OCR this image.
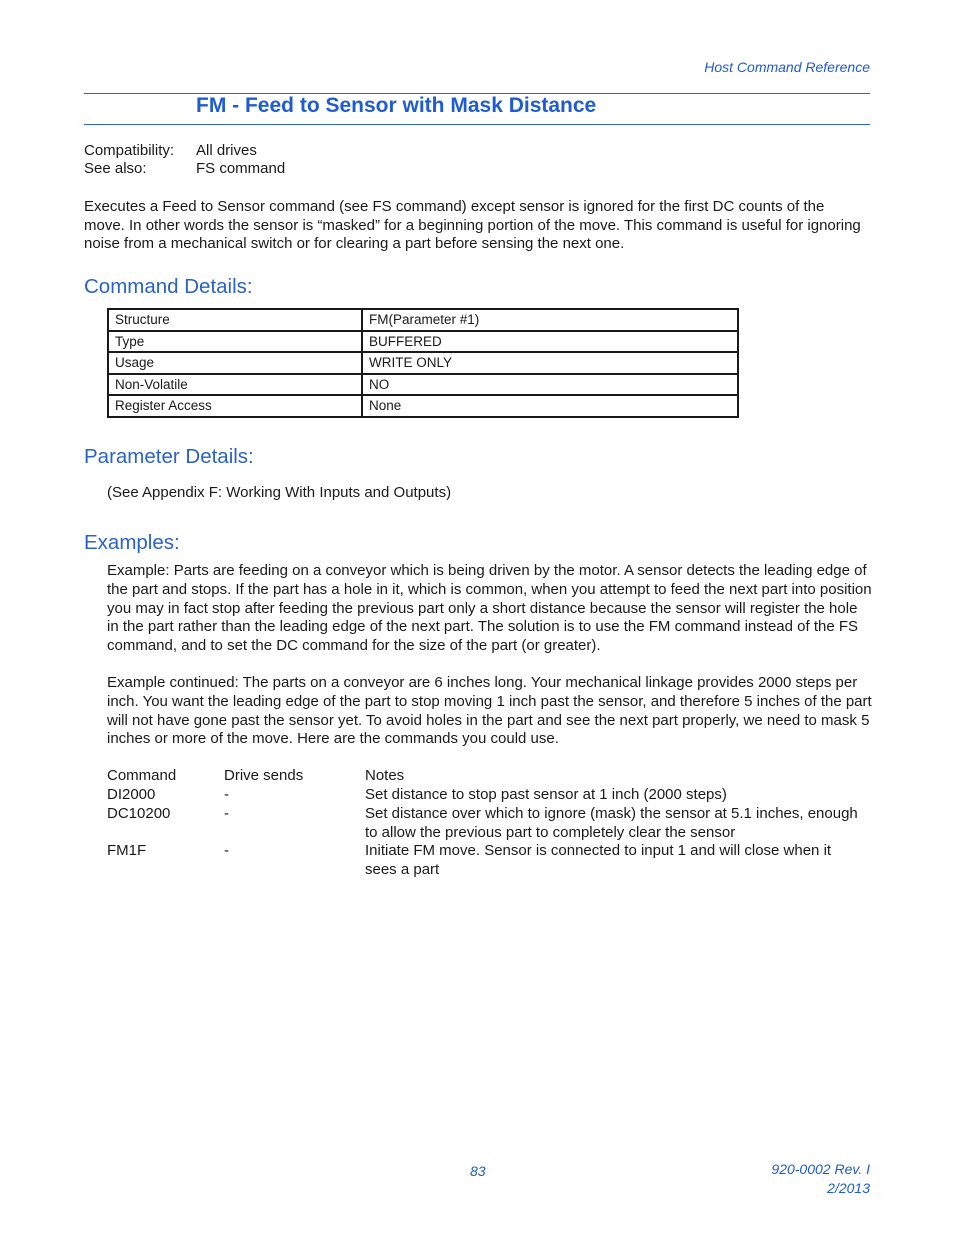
Host Command Reference
FM - Feed to Sensor with Mask Distance
Compatibility: All drives
See also:	FS command
Executes a Feed to Sensor command (see FS command) except sensor is ignored for the first DC counts of the move. In other words the sensor is “masked” for a beginning portion of the move. This command is useful for ignoring noise from a mechanical switch or for clearing a part before sensing the next one.
Command Details:
Structure	FM(Parameter #1)
Type	BUFFERED
Usage	WRITE ONLY
Non-Volatile	NO
Register Access	None
Parameter Details:
(See Appendix F: Working With Inputs and Outputs)
Examples:

Example: Parts are feeding on a conveyor which is being driven by the motor. A sensor detects the leading edge of the part and stops. If the part has a hole in it, which is common, when you attempt to feed the next part into position you may in fact stop after feeding the previous part only a short distance because the sensor will register the hole in the part rather than the leading edge of the next part. The solution is to use the FM command instead of the FS command, and to set the DC command for the size of the part (or greater).

Example continued: The parts on a conveyor are 6 inches long. Your mechanical linkage provides 2000 steps per inch. You want the leading edge of the part to stop moving 1 inch past the sensor, and therefore 5 inches of the part will not have gone past the sensor yet. To avoid holes in the part and see the next part properly, we need to mask 5 inches or more of the move. Here are the commands you could use.

Command	Drive sends	Notes
DI2000	-	Set distance to stop past sensor at 1 inch (2000 steps)
DC10200	-	Set distance over which to ignore (mask) the sensor at 5.1 inches, enough to allow the previous part to completely clear the sensor
FM1F	-	Initiate FM move. Sensor is connected to input 1 and will close when it sees a part
83	920-0002 Rev. I
2/2013
